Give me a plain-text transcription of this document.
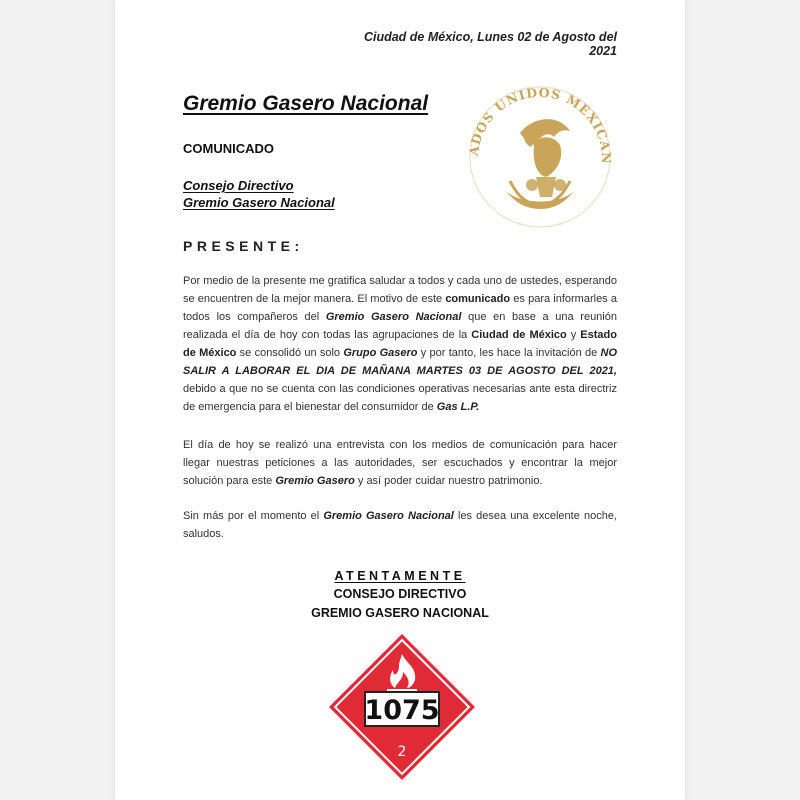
Ciudad de México, Lunes 02 de Agosto del 2021
Gremio Gasero Nacional
COMUNICADO
Consejo Directivo
Gremio Gasero Nacional
PRESENTE:
Por medio de la presente me gratifica saludar a todos y cada uno de ustedes, esperando se encuentren de la mejor manera. El motivo de este comunicado es para informarles a todos los compañeros del Gremio Gasero Nacional que en base a una reunión realizada el día de hoy con todas las agrupaciones de la Ciudad de México y Estado de México se consolidó un solo Grupo Gasero y por tanto, les hace la invitación de NO SALIR A LABORAR EL DIA DE MAÑANA MARTES 03 DE AGOSTO DEL 2021, debido a que no se cuenta con las condiciones operativas necesarias ante esta directriz de emergencia para el bienestar del consumidor de Gas L.P.
El día de hoy se realizó una entrevista con los medios de comunicación para hacer llegar nuestras peticiones a las autoridades, ser escuchados y encontrar la mejor solución para este Gremio Gasero y así poder cuidar nuestro patrimonio.
Sin más por el momento el Gremio Gasero Nacional les desea una excelente noche, saludos.
ATENTAMENTE
CONSEJO DIRECTIVO
GREMIO GASERO NACIONAL
ADOS UNIDOS MEXICAN
1075
2
